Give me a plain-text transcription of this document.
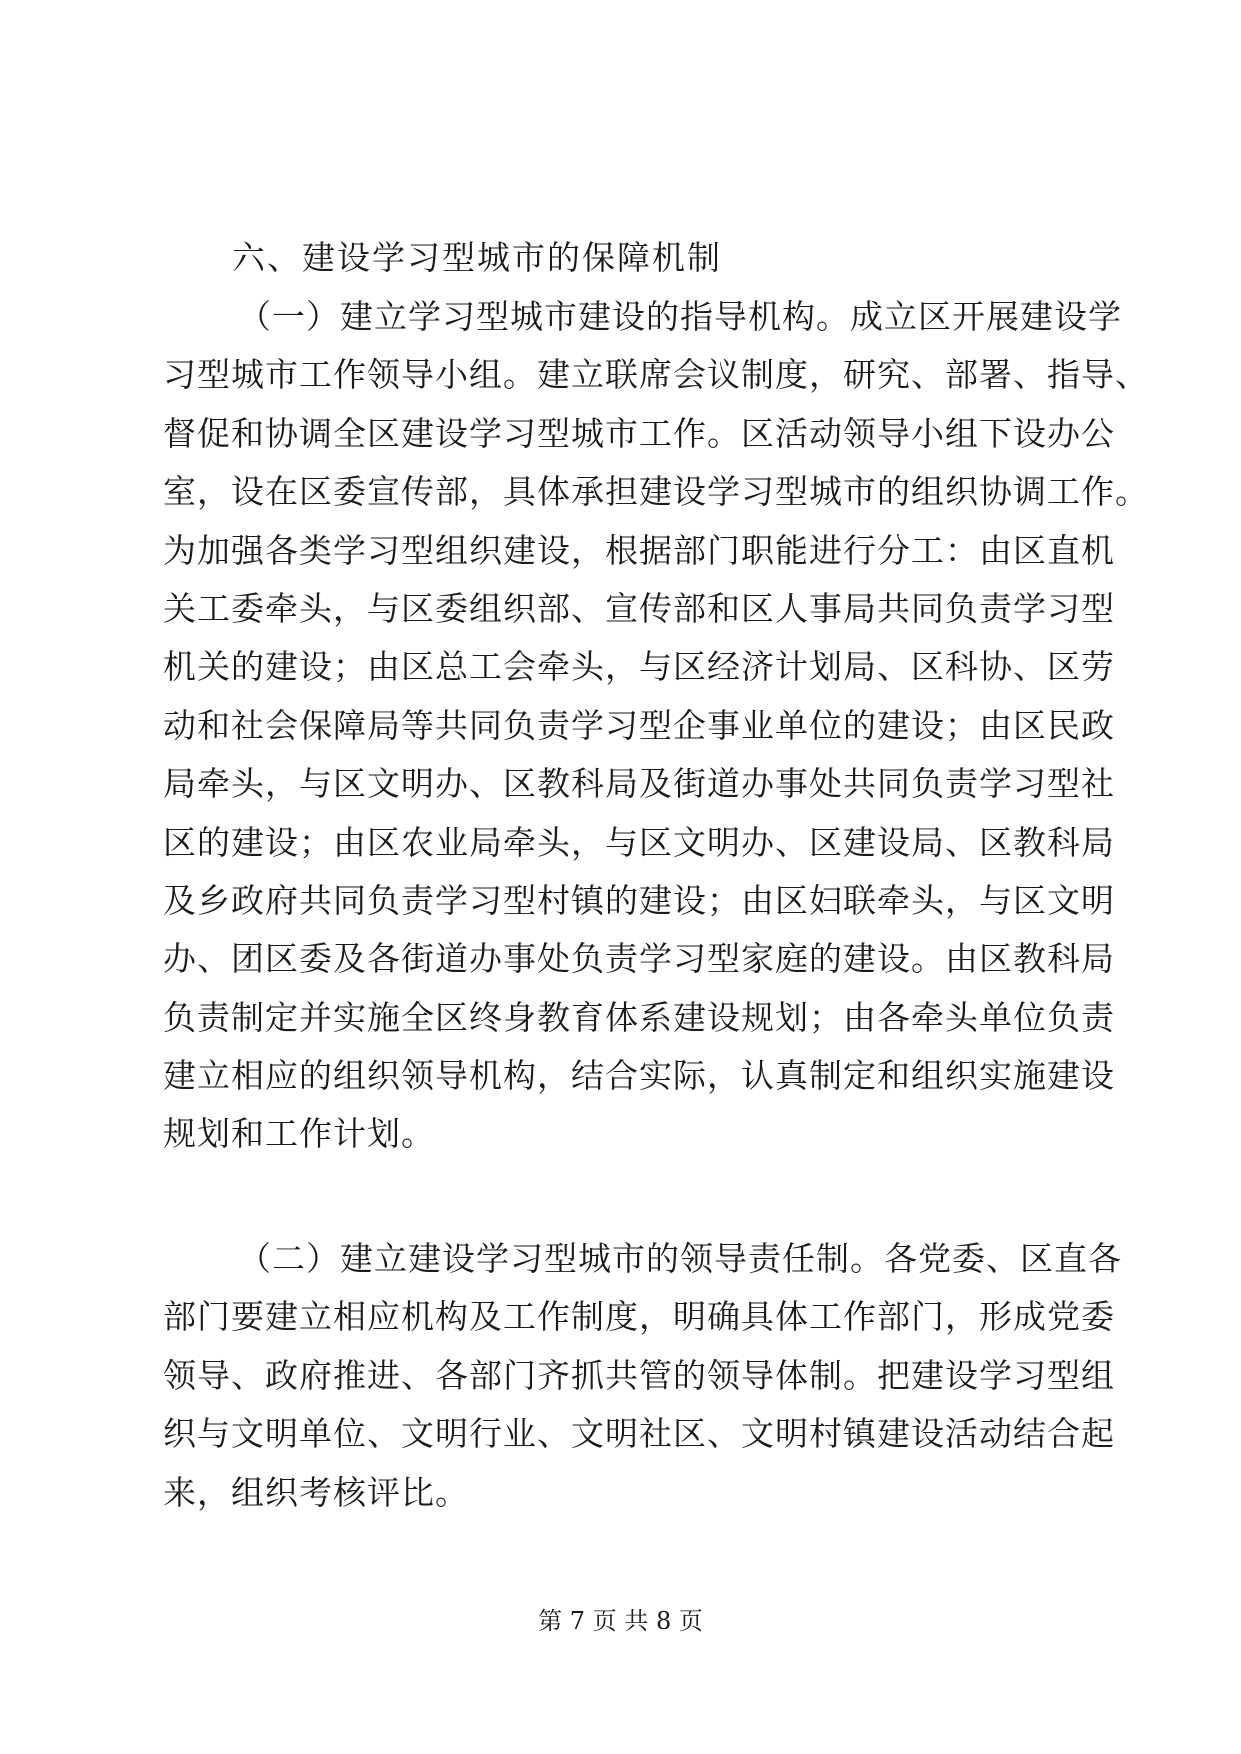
六、建设学习型城市的保障机制
（一）建立学习型城市建设的指导机构。成立区开展建设学
习型城市工作领导小组。建立联席会议制度，研究、部署、指导、
督促和协调全区建设学习型城市工作。区活动领导小组下设办公
室，设在区委宣传部，具体承担建设学习型城市的组织协调工作。
为加强各类学习型组织建设，根据部门职能进行分工：由区直机
关工委牵头，与区委组织部、宣传部和区人事局共同负责学习型
机关的建设；由区总工会牵头，与区经济计划局、区科协、区劳
动和社会保障局等共同负责学习型企事业单位的建设；由区民政
局牵头，与区文明办、区教科局及街道办事处共同负责学习型社
区的建设；由区农业局牵头，与区文明办、区建设局、区教科局
及乡政府共同负责学习型村镇的建设；由区妇联牵头，与区文明
办、团区委及各街道办事处负责学习型家庭的建设。由区教科局
负责制定并实施全区终身教育体系建设规划；由各牵头单位负责
建立相应的组织领导机构，结合实际，认真制定和组织实施建设
规划和工作计划。
（二）建立建设学习型城市的领导责任制。各党委、区直各
部门要建立相应机构及工作制度，明确具体工作部门，形成党委
领导、政府推进、各部门齐抓共管的领导体制。把建设学习型组
织与文明单位、文明行业、文明社区、文明村镇建设活动结合起
来，组织考核评比。
第 7 页 共 8 页
